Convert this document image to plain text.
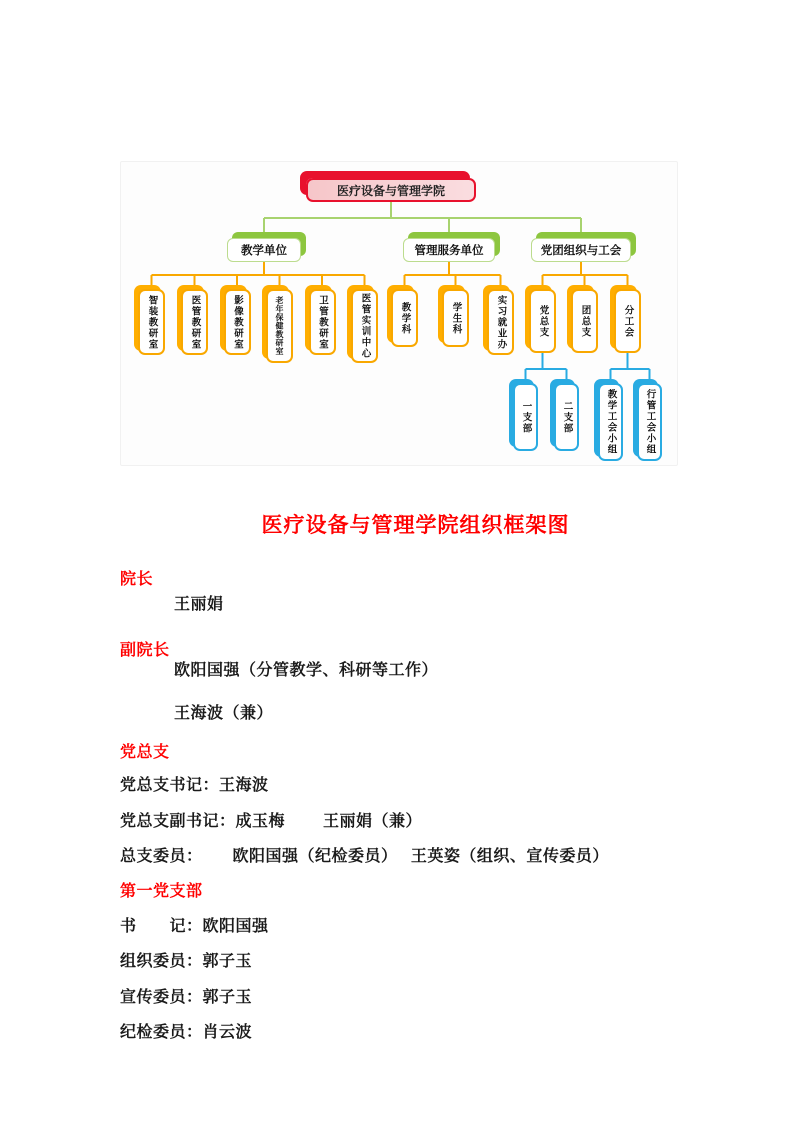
医疗设备与管理学院
教学单位	管理服务单位	党团组织与工会
智装教研室	医管教研室	影像教研室	老年保健教研室	卫管教研室	医管实训中心	教学科	学生科	实习就业办	党总支	团总支	分工会
一支部	二支部	教学工会小组	行管工会小组
医疗设备与管理学院组织框架图
院长
王丽娟
副院长
欧阳国强（分管教学、科研等工作）
王海波（兼）
党总支
党总支书记：王海波
党总支副书记：成玉梅　　 王丽娟（兼）
总支委员：　　 欧阳国强（纪检委员）　 王英姿（组织、宣传委员）
第一党支部
书　　记：欧阳国强
组织委员：郭子玉
宣传委员：郭子玉
纪检委员：肖云波
